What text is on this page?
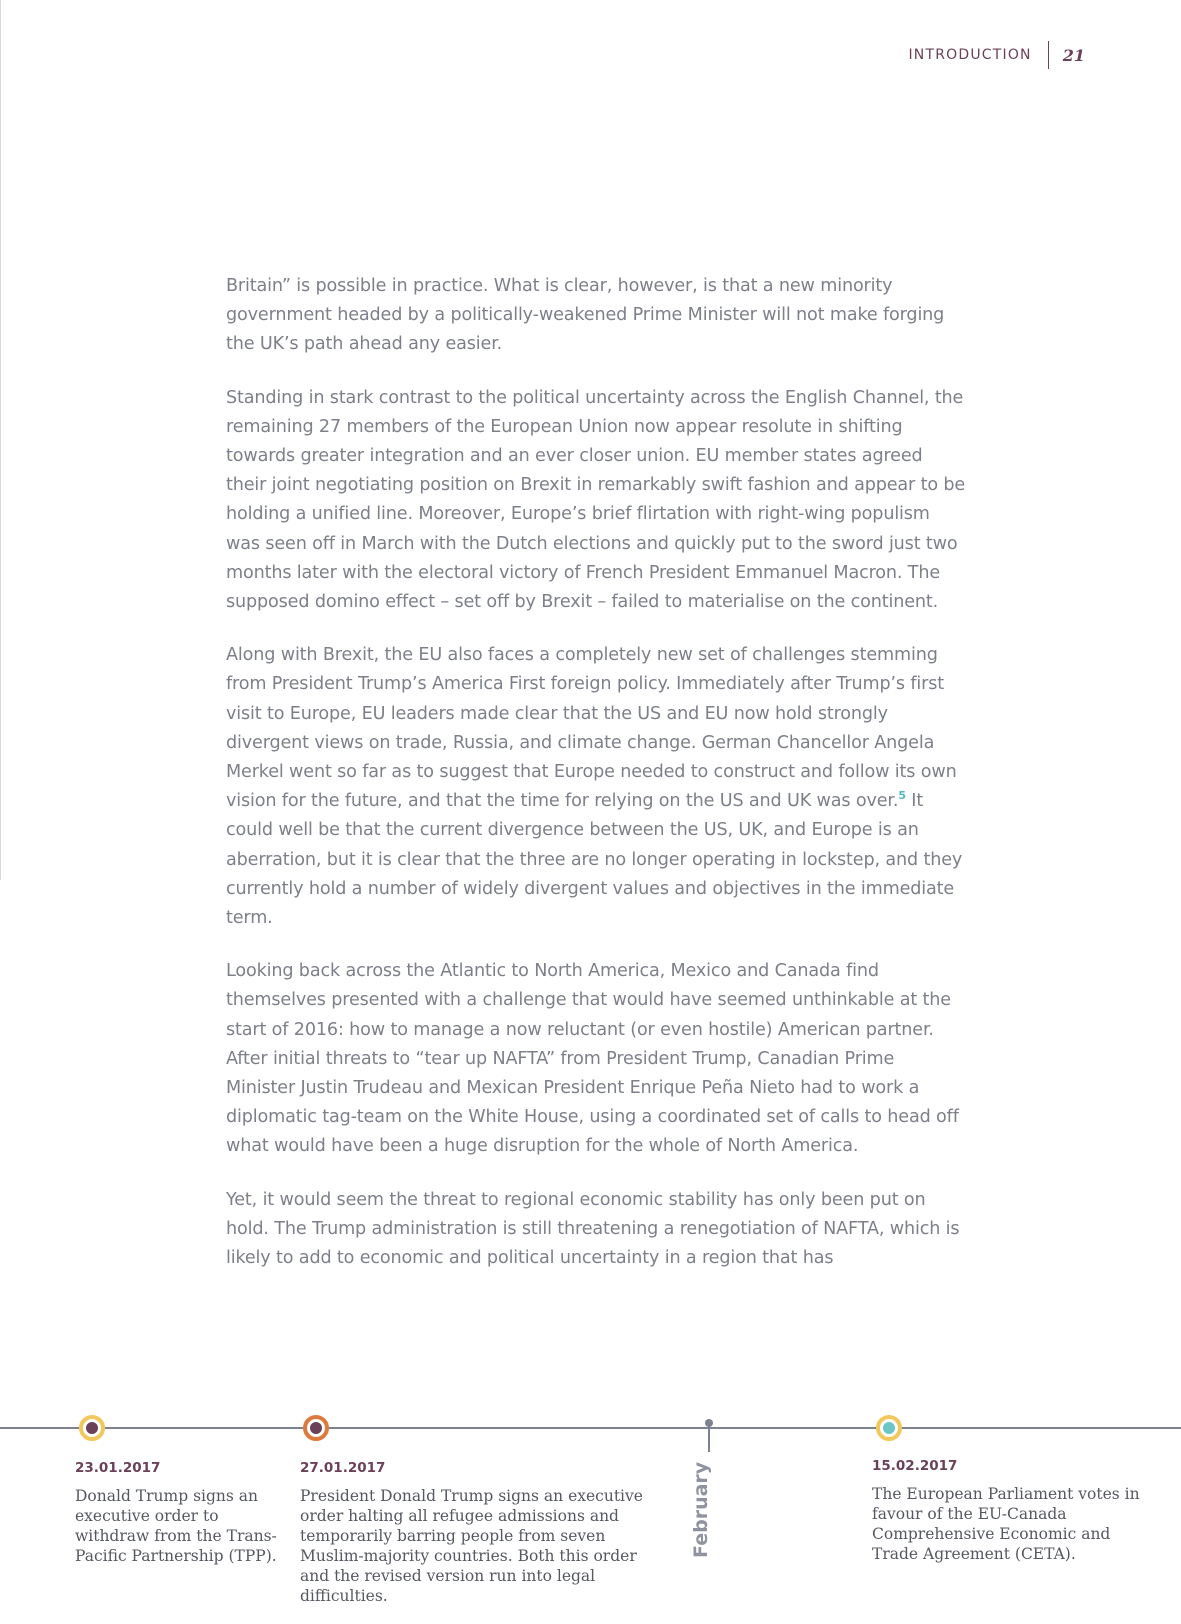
INTRODUCTION 21

Britain” is possible in practice. What is clear, however, is that a new minority government headed by a politically-weakened Prime Minister will not make forging the UK’s path ahead any easier.

Standing in stark contrast to the political uncertainty across the English Channel, the remaining 27 members of the European Union now appear resolute in shifting towards greater integration and an ever closer union. EU member states agreed their joint negotiating position on Brexit in remarkably swift fashion and appear to be holding a unified line. Moreover, Europe’s brief flirtation with right-wing populism was seen off in March with the Dutch elections and quickly put to the sword just two months later with the electoral victory of French President Emmanuel Macron. The supposed domino effect – set off by Brexit – failed to materialise on the continent.

Along with Brexit, the EU also faces a completely new set of challenges stemming from President Trump’s America First foreign policy. Immediately after Trump’s first visit to Europe, EU leaders made clear that the US and EU now hold strongly divergent views on trade, Russia, and climate change. German Chancellor Angela Merkel went so far as to suggest that Europe needed to construct and follow its own vision for the future, and that the time for relying on the US and UK was over.$^5$ It could well be that the current divergence between the US, UK, and Europe is an aberration, but it is clear that the three are no longer operating in lockstep, and they currently hold a number of widely divergent values and objectives in the immediate term.

Looking back across the Atlantic to North America, Mexico and Canada find themselves presented with a challenge that would have seemed unthinkable at the start of 2016: how to manage a now reluctant (or even hostile) American partner. After initial threats to “tear up NAFTA” from President Trump, Canadian Prime Minister Justin Trudeau and Mexican President Enrique Peña Nieto had to work a diplomatic tag-team on the White House, using a coordinated set of calls to head off what would have been a huge disruption for the whole of North America.

Yet, it would seem the threat to regional economic stability has only been put on hold. The Trump administration is still threatening a renegotiation of NAFTA, which is likely to add to economic and political uncertainty in a region that has

February
23.01.2017
Donald Trump signs an executive order to withdraw from the Trans-Pacific Partnership (TPP).
27.01.2017
President Donald Trump signs an executive order halting all refugee admissions and temporarily barring people from seven Muslim-majority countries. Both this order and the revised version run into legal difficulties.
15.02.2017
The European Parliament votes in favour of the EU-Canada Comprehensive Economic and Trade Agreement (CETA).
